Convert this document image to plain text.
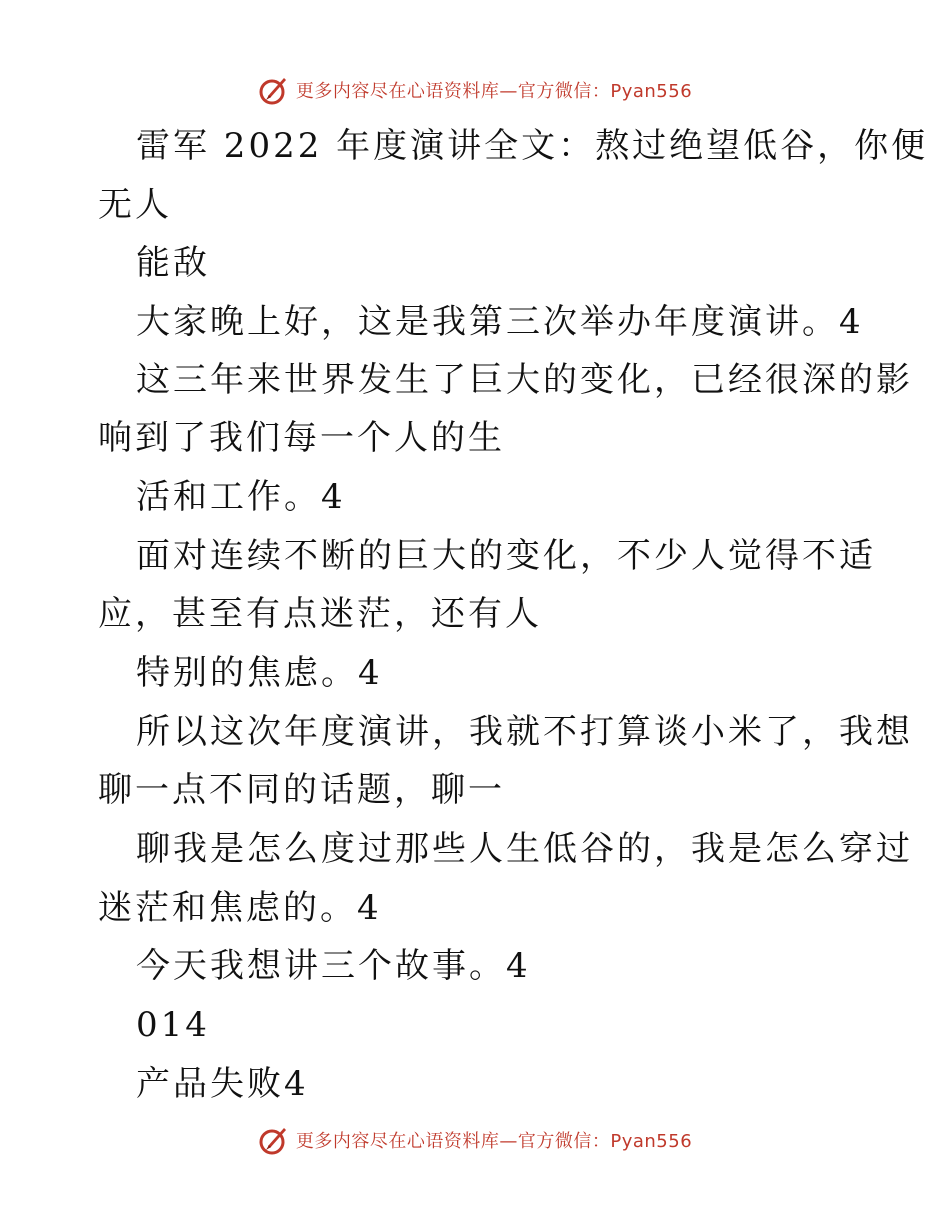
更多内容尽在心语资料库—官方微信：Pyan556
雷军 2022 年度演讲全文：熬过绝望低谷，你便
无人
能敌
大家晚上好，这是我第三次举办年度演讲。4
这三年来世界发生了巨大的变化，已经很深的影
响到了我们每一个人的生
活和工作。4
面对连续不断的巨大的变化，不少人觉得不适
应，甚至有点迷茫，还有人
特别的焦虑。4
所以这次年度演讲，我就不打算谈小米了，我想
聊一点不同的话题，聊一
聊我是怎么度过那些人生低谷的，我是怎么穿过
迷茫和焦虑的。4
今天我想讲三个故事。4
014
产品失败4
更多内容尽在心语资料库—官方微信：Pyan556
